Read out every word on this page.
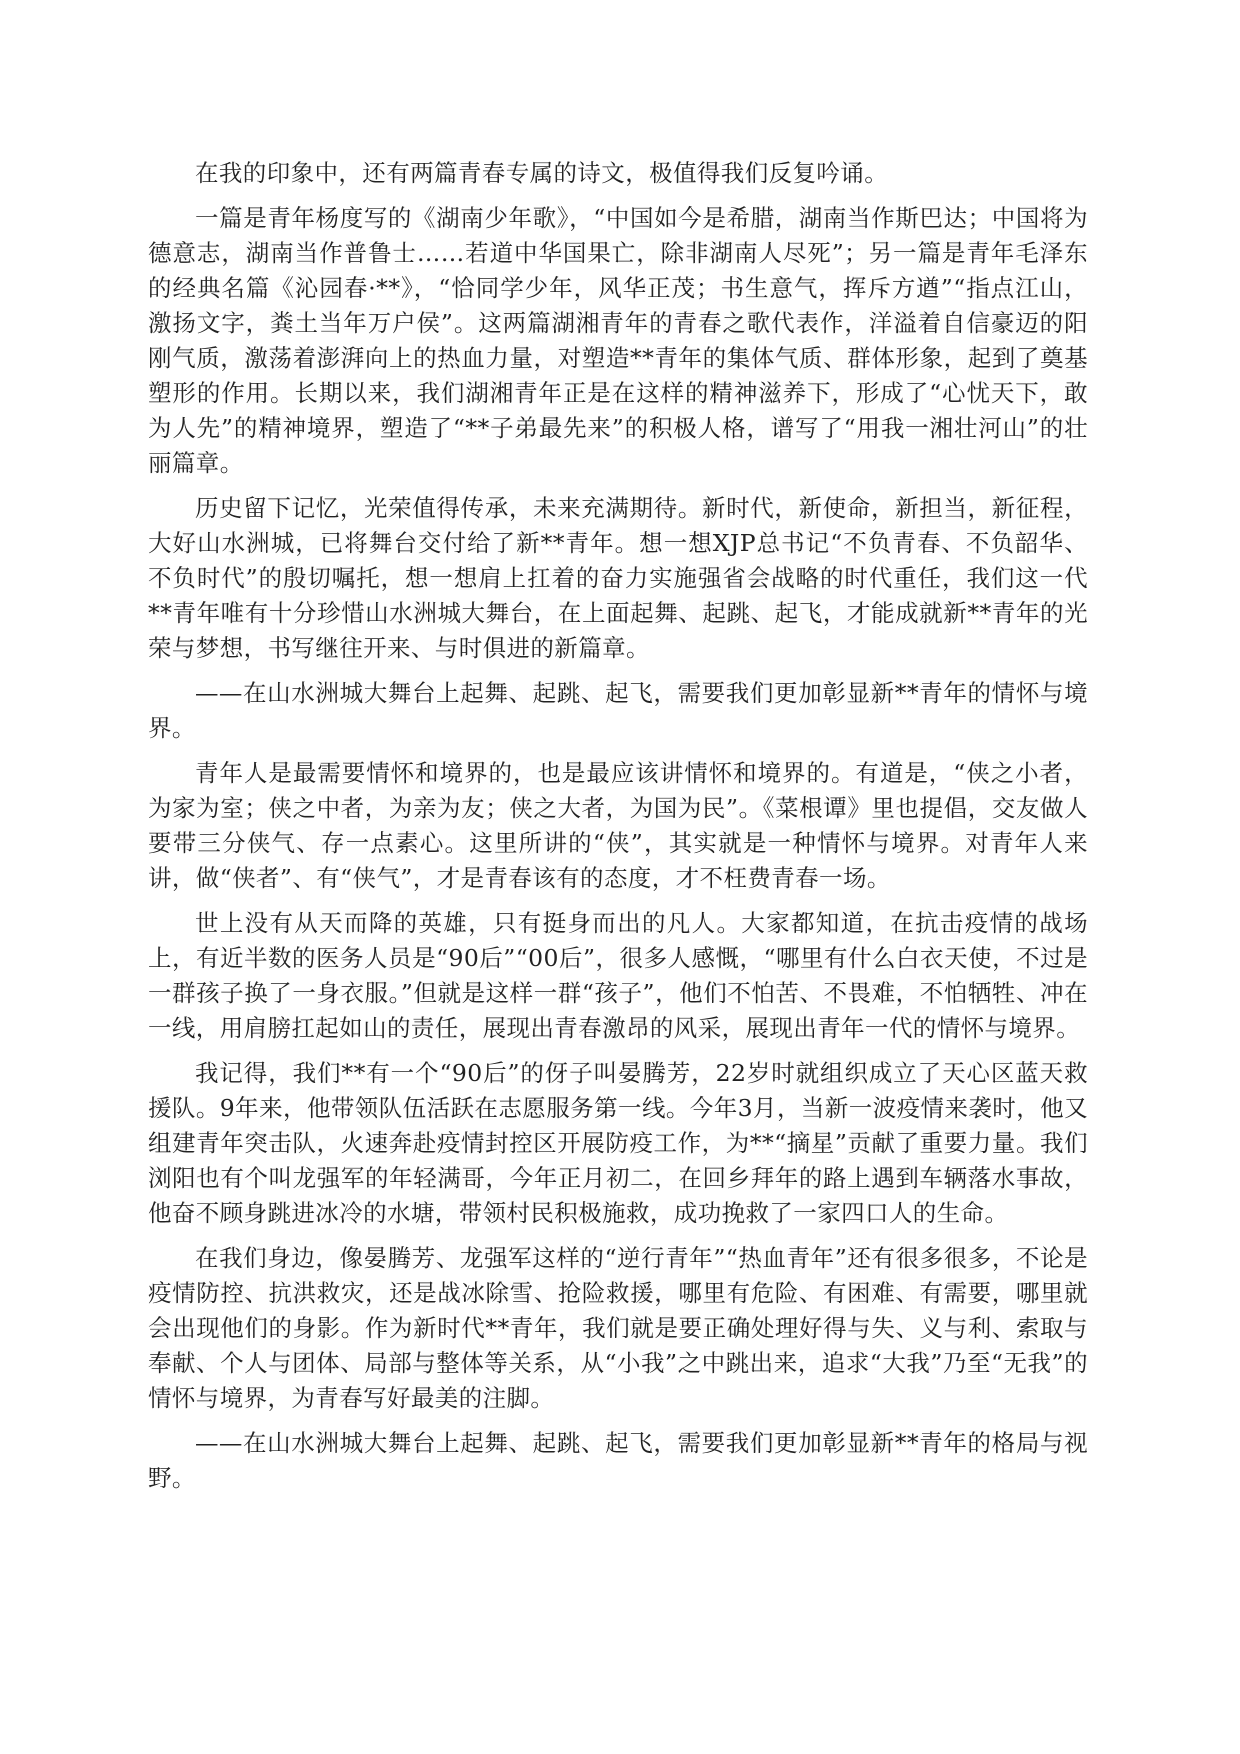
在我的印象中，还有两篇青春专属的诗文，极值得我们反复吟诵。

一篇是青年杨度写的《湖南少年歌》，“中国如今是希腊，湖南当作斯巴达；中国将为德意志，湖南当作普鲁士……若道中华国果亡，除非湖南人尽死”；另一篇是青年毛泽东的经典名篇《沁园春·**》，“恰同学少年，风华正茂；书生意气，挥斥方遒”“指点江山，激扬文字，粪土当年万户侯”。这两篇湖湘青年的青春之歌代表作，洋溢着自信豪迈的阳刚气质，激荡着澎湃向上的热血力量，对塑造**青年的集体气质、群体形象，起到了奠基塑形的作用。长期以来，我们湖湘青年正是在这样的精神滋养下，形成了“心忧天下，敢为人先”的精神境界，塑造了“**子弟最先来”的积极人格，谱写了“用我一湘壮河山”的壮丽篇章。

历史留下记忆，光荣值得传承，未来充满期待。新时代，新使命，新担当，新征程，大好山水洲城，已将舞台交付给了新**青年。想一想XJP总书记“不负青春、不负韶华、不负时代”的殷切嘱托，想一想肩上扛着的奋力实施强省会战略的时代重任，我们这一代**青年唯有十分珍惜山水洲城大舞台，在上面起舞、起跳、起飞，才能成就新**青年的光荣与梦想，书写继往开来、与时俱进的新篇章。

——在山水洲城大舞台上起舞、起跳、起飞，需要我们更加彰显新**青年的情怀与境界。

青年人是最需要情怀和境界的，也是最应该讲情怀和境界的。有道是，“侠之小者，为家为室；侠之中者，为亲为友；侠之大者，为国为民”。《菜根谭》里也提倡，交友做人要带三分侠气、存一点素心。这里所讲的“侠”，其实就是一种情怀与境界。对青年人来讲，做“侠者”、有“侠气”，才是青春该有的态度，才不枉费青春一场。

世上没有从天而降的英雄，只有挺身而出的凡人。大家都知道，在抗击疫情的战场上，有近半数的医务人员是“90后”“00后”，很多人感慨，“哪里有什么白衣天使，不过是一群孩子换了一身衣服。”但就是这样一群“孩子”，他们不怕苦、不畏难，不怕牺牲、冲在一线，用肩膀扛起如山的责任，展现出青春激昂的风采，展现出青年一代的情怀与境界。

我记得，我们**有一个“90后”的伢子叫晏腾芳，22岁时就组织成立了天心区蓝天救援队。9年来，他带领队伍活跃在志愿服务第一线。今年3月，当新一波疫情来袭时，他又组建青年突击队，火速奔赴疫情封控区开展防疫工作，为**“摘星”贡献了重要力量。我们浏阳也有个叫龙强军的年轻满哥，今年正月初二，在回乡拜年的路上遇到车辆落水事故，他奋不顾身跳进冰冷的水塘，带领村民积极施救，成功挽救了一家四口人的生命。

在我们身边，像晏腾芳、龙强军这样的“逆行青年”“热血青年”还有很多很多，不论是疫情防控、抗洪救灾，还是战冰除雪、抢险救援，哪里有危险、有困难、有需要，哪里就会出现他们的身影。作为新时代**青年，我们就是要正确处理好得与失、义与利、索取与奉献、个人与团体、局部与整体等关系，从“小我”之中跳出来，追求“大我”乃至“无我”的情怀与境界，为青春写好最美的注脚。

——在山水洲城大舞台上起舞、起跳、起飞，需要我们更加彰显新**青年的格局与视野。
